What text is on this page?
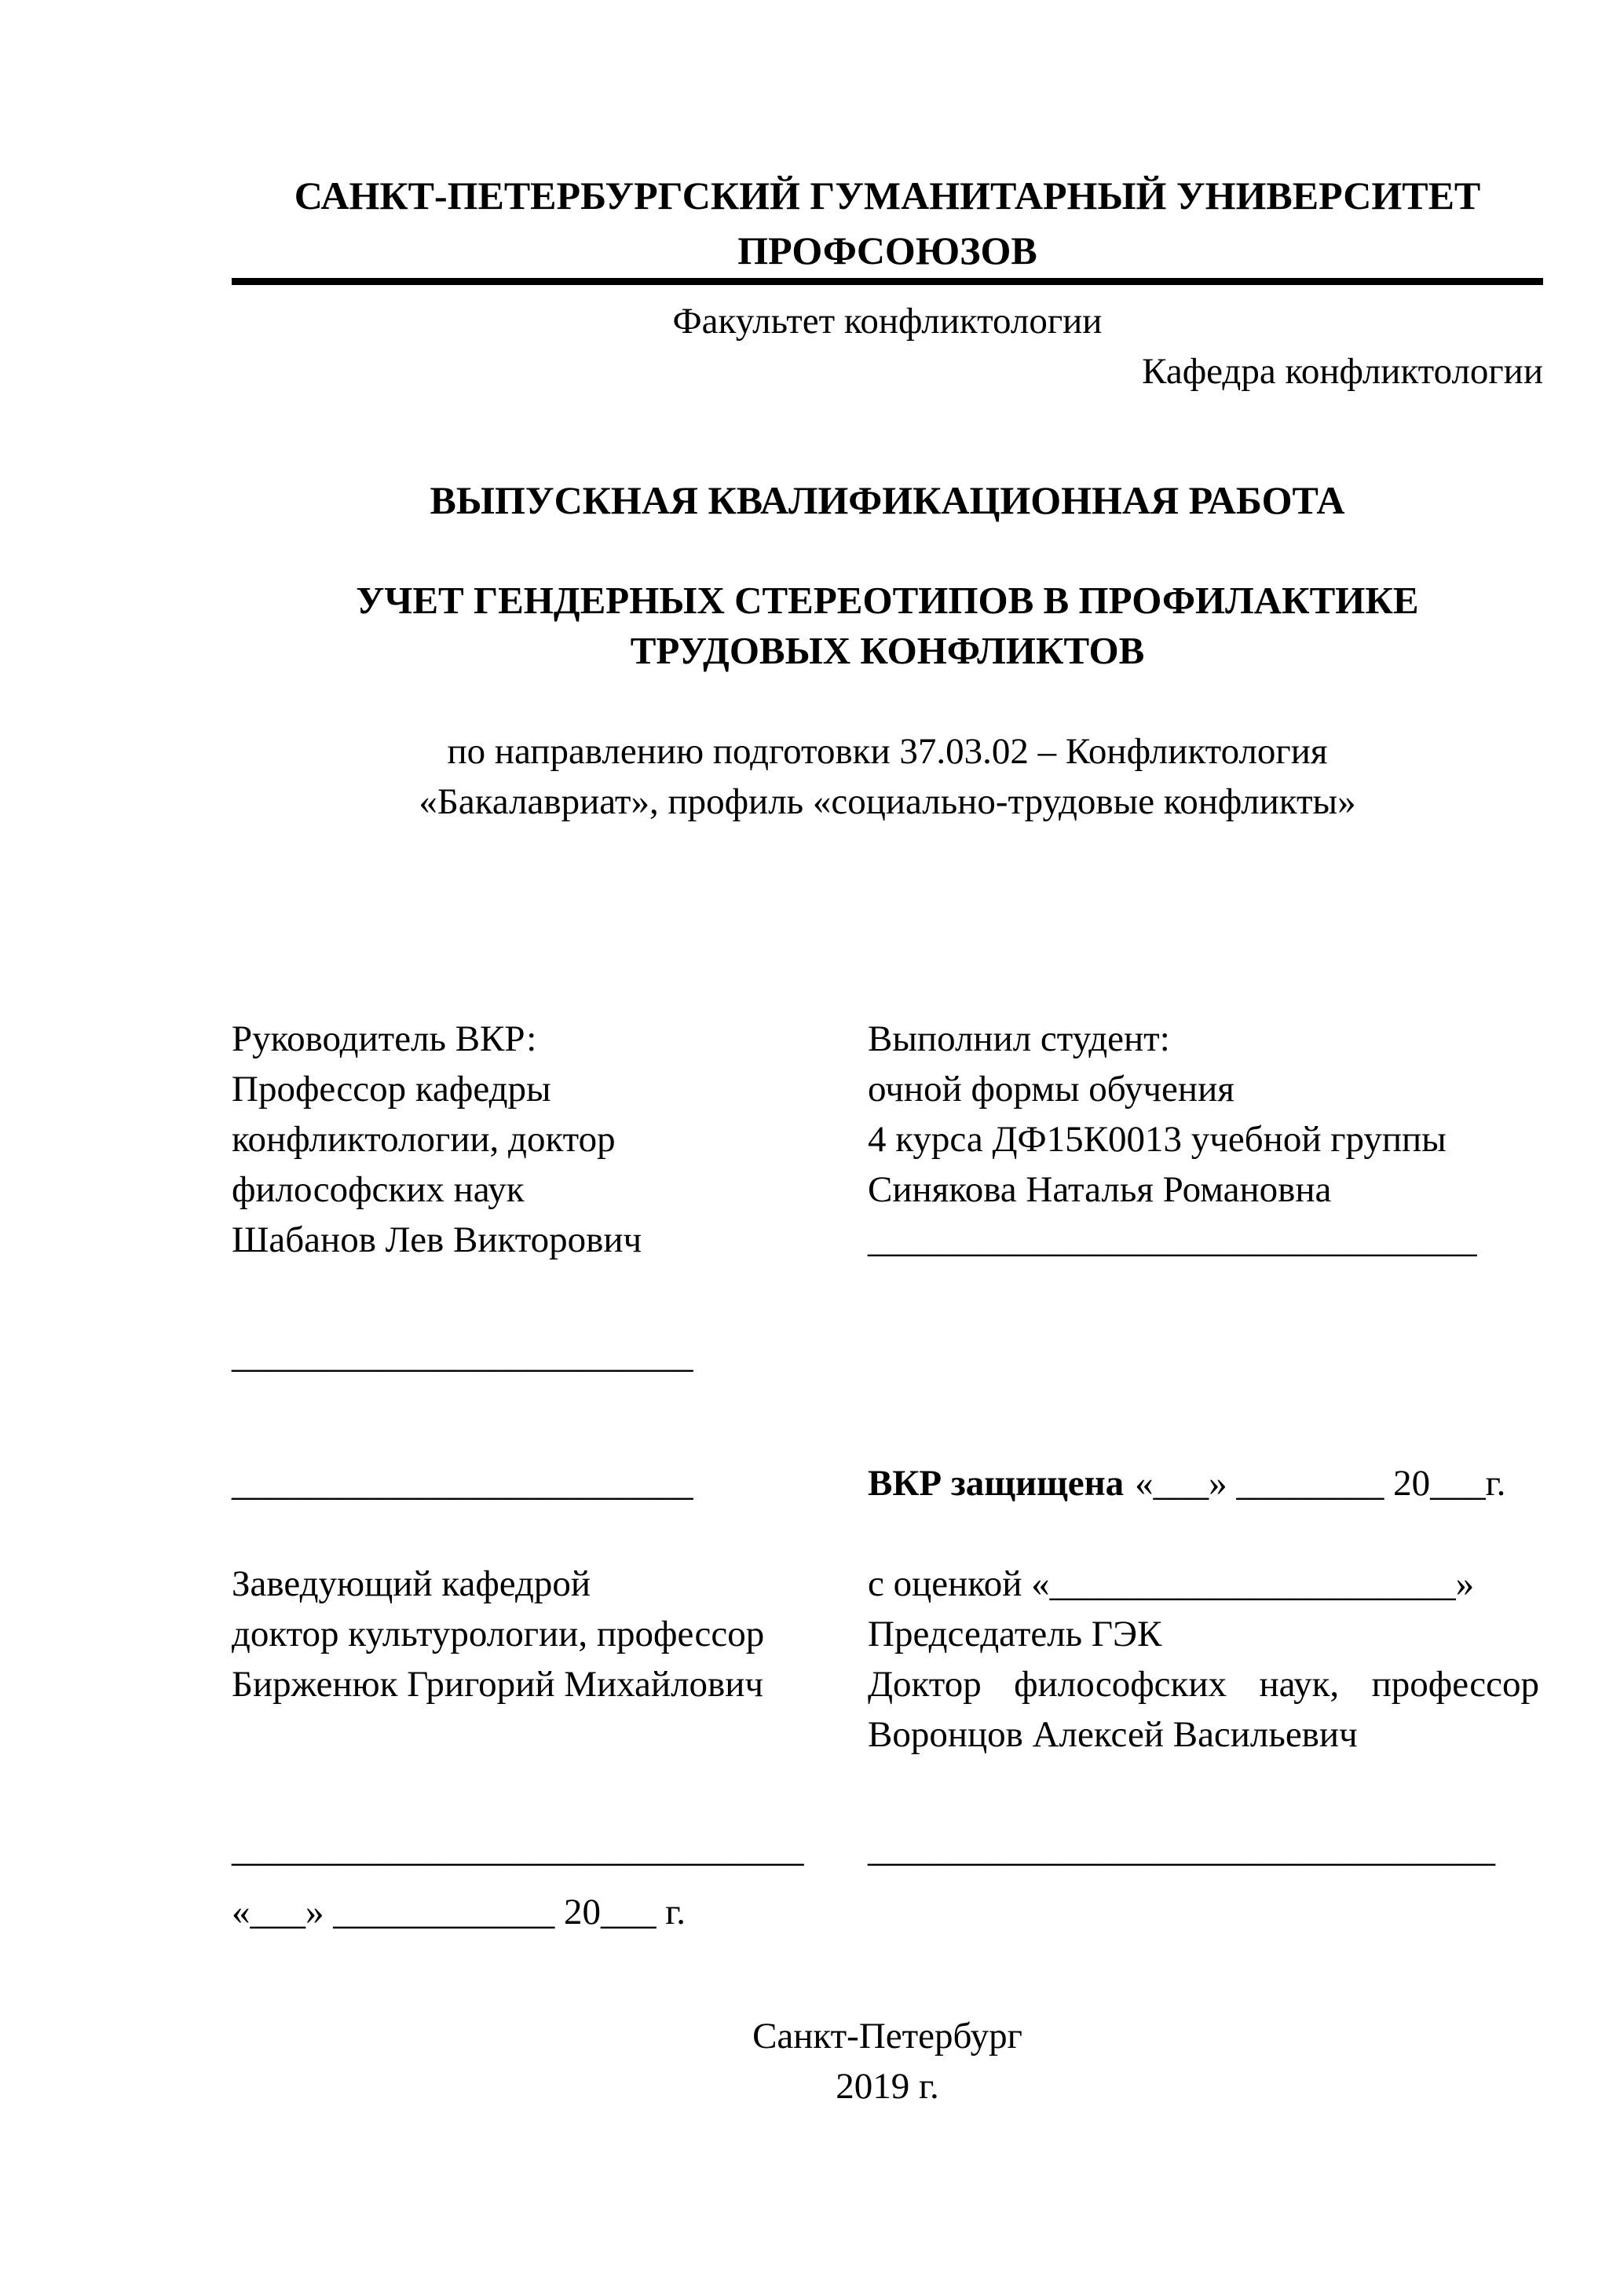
САНКТ-ПЕТЕРБУРГСКИЙ ГУМАНИТАРНЫЙ УНИВЕРСИТЕТ
ПРОФСОЮЗОВ
Факультет конфликтологии
Кафедра конфликтологии
ВЫПУСКНАЯ КВАЛИФИКАЦИОННАЯ РАБОТА
УЧЕТ ГЕНДЕРНЫХ СТЕРЕОТИПОВ В ПРОФИЛАКТИКЕ
ТРУДОВЫХ КОНФЛИКТОВ
по направлению подготовки 37.03.02 – Конфликтология
«Бакалавриат», профиль «социально-трудовые конфликты»
Руководитель ВКР:
Профессор кафедры
конфликтологии, доктор
философских наук
Шабанов Лев Викторович
_________________________
_________________________
Выполнил студент:
очной формы обучения
4 курса ДФ15К0013 учебной группы
Синякова Наталья Романовна
_________________________________
ВКР защищена «___» ________ 20___г.
Заведующий кафедрой
доктор культурологии, профессор
Бирженюк Григорий Михайлович
с оценкой «______________________»
Председатель ГЭК
Доктор философских наук, профессор
Воронцов Алексей Васильевич
_______________________________ __________________________________
«___» ____________ 20___ г.
Санкт-Петербург
2019 г.
